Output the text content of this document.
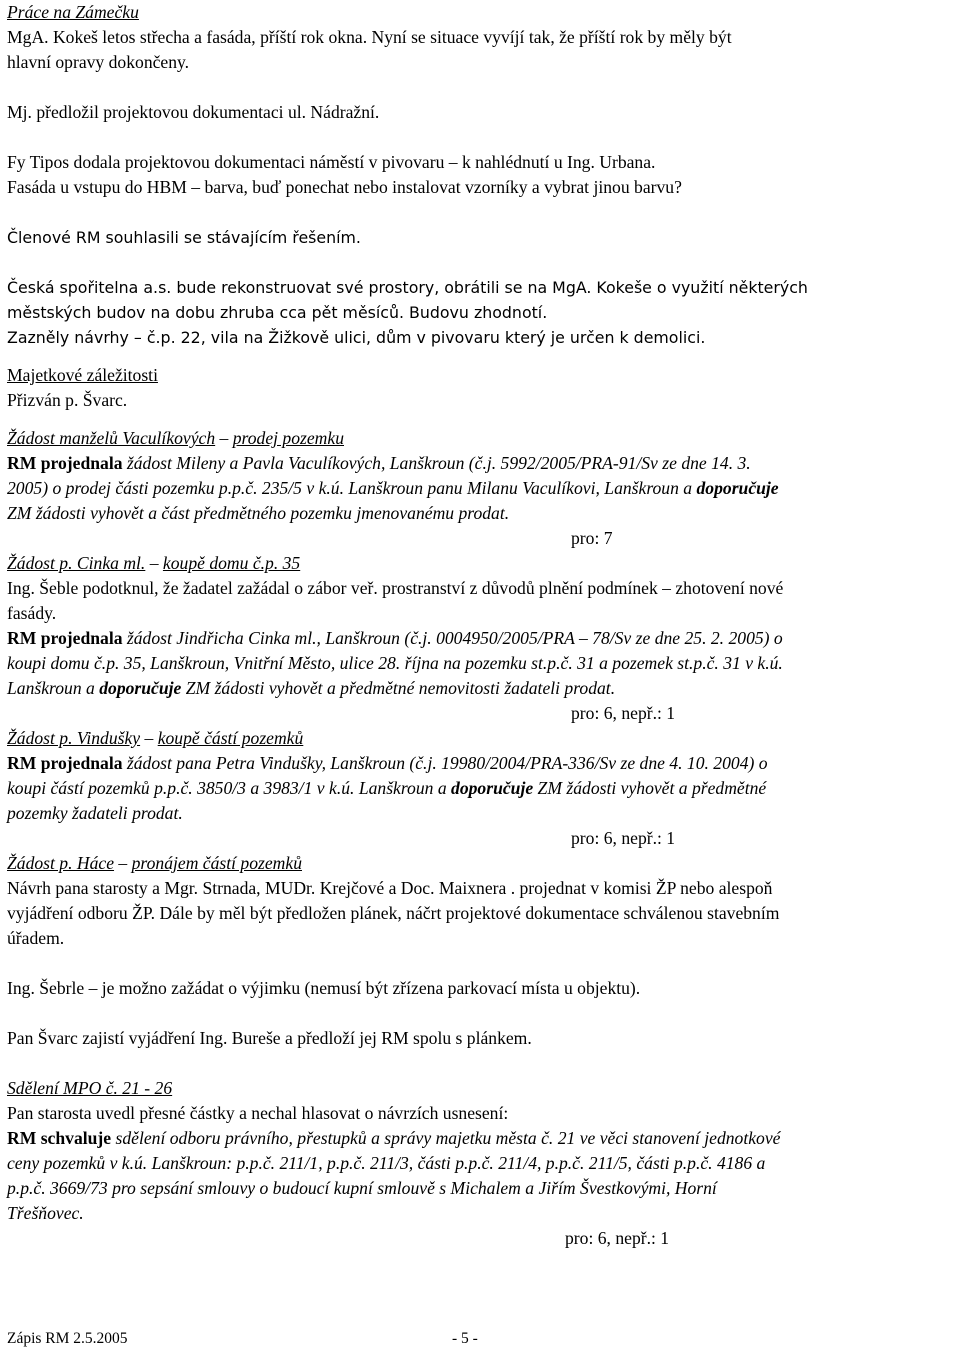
Práce na Zámečku
MgA. Kokeš letos střecha a fasáda, příští rok okna. Nyní se situace vyvíjí tak, že příští rok by měly být
hlavní opravy dokončeny.
Mj. předložil projektovou dokumentaci ul. Nádražní.
Fy Tipos dodala projektovou dokumentaci náměstí v pivovaru – k nahlédnutí u Ing. Urbana.
Fasáda u vstupu do HBM – barva, buď ponechat nebo instalovat vzorníky a vybrat jinou barvu?
Členové RM souhlasili se stávajícím řešením.
Česká spořitelna a.s. bude rekonstruovat své prostory, obrátili se na MgA. Kokeše o využití některých
městských budov na dobu zhruba cca pět měsíců. Budovu zhodnotí.
Zazněly návrhy – č.p. 22, vila na Žižkově ulici, dům v pivovaru který je určen k demolici.
Majetkové záležitosti
Přizván p. Švarc.
Žádost manželů Vaculíkových – prodej pozemku
RM projednala žádost Mileny a Pavla Vaculíkových, Lanškroun (č.j. 5992/2005/PRA-91/Sv ze dne 14. 3.
2005) o prodej části pozemku p.p.č. 235/5 v k.ú. Lanškroun panu Milanu Vaculíkovi, Lanškroun a doporučuje
ZM žádosti vyhovět a část předmětného pozemku jmenovanému prodat.
pro: 7
Žádost p. Cinka ml. – koupě domu č.p. 35
Ing. Šeble podotknul, že žadatel zažádal o zábor veř. prostranství z důvodů plnění podmínek – zhotovení nové
fasády.
RM projednala žádost Jindřicha Cinka ml., Lanškroun (č.j. 0004950/2005/PRA – 78/Sv ze dne 25. 2. 2005) o
koupi domu č.p. 35, Lanškroun, Vnitřní Město, ulice 28. října na pozemku st.p.č. 31 a pozemek st.p.č. 31 v k.ú.
Lanškroun a doporučuje ZM žádosti vyhovět a předmětné nemovitosti žadateli prodat.
pro: 6, nepř.: 1
Žádost p. Vindušky – koupě částí pozemků
RM projednala žádost pana Petra Vindušky, Lanškroun (č.j. 19980/2004/PRA-336/Sv ze dne 4. 10. 2004) o
koupi částí pozemků p.p.č. 3850/3 a 3983/1 v k.ú. Lanškroun a doporučuje ZM žádosti vyhovět a předmětné
pozemky žadateli prodat.
pro: 6, nepř.: 1
Žádost p. Háce – pronájem částí pozemků
Návrh pana starosty a Mgr. Strnada, MUDr. Krejčové a Doc. Maixnera . projednat v komisi ŽP nebo alespoň
vyjádření odboru ŽP. Dále by měl být předložen plánek, náčrt projektové dokumentace schválenou stavebním
úřadem.
Ing. Šebrle – je možno zažádat o výjimku (nemusí být zřízena parkovací místa u objektu).
Pan Švarc zajistí vyjádření Ing. Bureše a předloží jej RM spolu s plánkem.
Sdělení MPO č. 21 - 26
Pan starosta uvedl přesné částky a nechal hlasovat o návrzích usnesení:
RM schvaluje sdělení odboru právního, přestupků a správy majetku města č. 21 ve věci stanovení jednotkové
ceny pozemků v k.ú. Lanškroun: p.p.č. 211/1, p.p.č. 211/3, části p.p.č. 211/4, p.p.č. 211/5, části p.p.č. 4186 a
p.p.č. 3669/73 pro sepsání smlouvy o budoucí kupní smlouvě s Michalem a Jiřím Švestkovými, Horní
Třešňovec.
pro: 6, nepř.: 1
Zápis RM 2.5.2005	- 5 -
